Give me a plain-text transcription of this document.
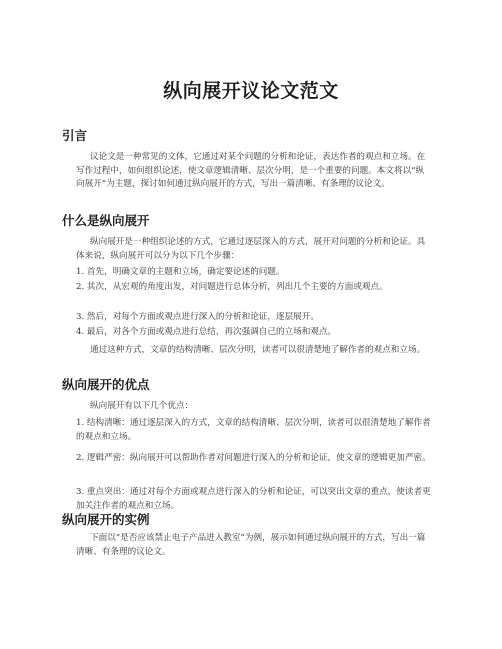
纵向展开议论文范文
引言

议论文是一种常见的文体，它通过对某个问题的分析和论证，表达作者的观点和立场。在写作过程中，如何组织论述，使文章逻辑清晰、层次分明，是一个重要的问题。本文将以“纵向展开”为主题，探讨如何通过纵向展开的方式，写出一篇清晰、有条理的议论文。

什么是纵向展开

纵向展开是一种组织论述的方式，它通过逐层深入的方式，展开对问题的分析和论证。具体来说，纵向展开可以分为以下几个步骤：

1. 首先，明确文章的主题和立场，确定要论述的问题。

2. 其次，从宏观的角度出发，对问题进行总体分析，列出几个主要的方面或观点。

3. 然后，对每个方面或观点进行深入的分析和论证，逐层展开。

4. 最后，对各个方面或观点进行总结，再次强调自己的立场和观点。

通过这种方式，文章的结构清晰、层次分明，读者可以很清楚地了解作者的观点和立场。

纵向展开的优点

纵向展开有以下几个优点：

1. 结构清晰：通过逐层深入的方式，文章的结构清晰、层次分明，读者可以很清楚地了解作者的观点和立场。

2. 逻辑严密：纵向展开可以帮助作者对问题进行深入的分析和论证，使文章的逻辑更加严密。

3. 重点突出：通过对每个方面或观点进行深入的分析和论证，可以突出文章的重点，使读者更加关注作者的观点和立场。

纵向展开的实例

下面以“是否应该禁止电子产品进入教室”为例，展示如何通过纵向展开的方式，写出一篇清晰、有条理的议论文。
